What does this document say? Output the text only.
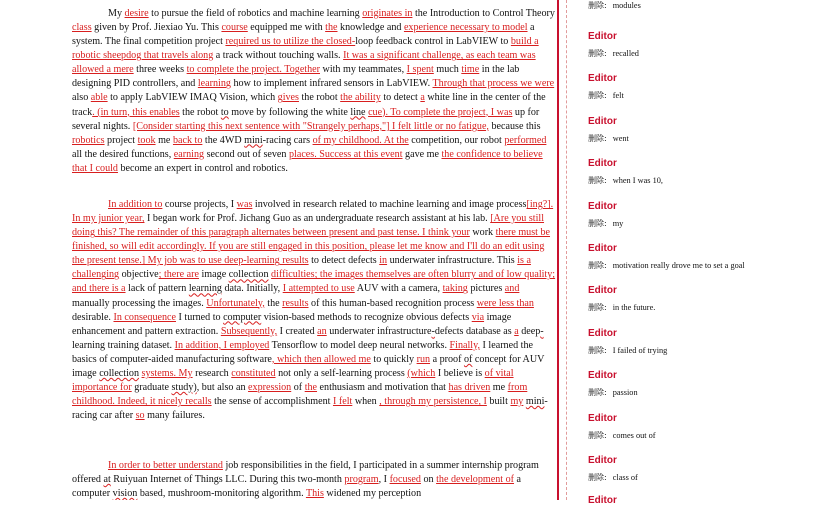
My desire to pursue the field of robotics and machine learning originates in the Introduction to Control Theory class given by Prof. Jiexiao Yu. This course equipped me with the knowledge and experience necessary to model a system. The final competition project required us to utilize the closed-loop feedback control in LabVIEW to build a robotic sheepdog that travels along a track without touching walls. It was a significant challenge, as each team was allowed a mere three weeks to complete the project. Together with my teammates, I spent much time in the lab designing PID controllers, and learning how to implement infrared sensors in LabVIEW. Through that process we were also able to apply LabVIEW IMAQ Vision, which gives the robot the ability to detect a white line in the center of the track. (in turn, this enables the robot to move by following the white line cue). To complete the project, I was up for several nights. [Consider starting this next sentence with "Strangely perhaps,"] I felt little or no fatigue, because this robotics project took me back to the 4WD mini-racing cars of my childhood. At the competition, our robot performed all the desired functions, earning second out of seven places. Success at this event gave me the confidence to believe that I could become an expert in control and robotics.
In addition to course projects, I was involved in research related to machine learning and image process[ing?]. In my junior year, I began work for Prof. Jichang Guo as an undergraduate research assistant at his lab. [Are you still doing this? The remainder of this paragraph alternates between present and past tense. I think your work there must be finished, so will edit accordingly. If you are still engaged in this position, please let me know and I'll do an edit using the present tense.] My job was to use deep-learning results to detect defects in underwater infrastructure. This is a challenging objective; there are image collection difficulties; the images themselves are often blurry and of low quality; and there is a lack of pattern learning data. Initially, I attempted to use AUV with a camera, taking pictures and manually processing the images. Unfortunately, the results of this human-based recognition process were less than desirable. In consequence I turned to computer vision-based methods to recognize obvious defects via image enhancement and pattern extraction. Subsequently, I created an underwater infrastructure-defects database as a deep-learning training dataset. In addition, I employed Tensorflow to model deep neural networks. Finally, I learned the basics of computer-aided manufacturing software, which then allowed me to quickly run a proof of concept for AUV image collection systems. My research constituted not only a self-learning process (which I believe is of vital importance for graduate study), but also an expression of the enthusiasm and motivation that has driven me from childhood. Indeed, it nicely recalls the sense of accomplishment I felt when , through my persistence, I built my mini-racing car after so many failures.
In order to better understand job responsibilities in the field, I participated in a summer internship program offered at Ruiyuan Internet of Things LLC. During this two-month program, I focused on the development of a computer vision based, mushroom-monitoring algorithm. This widened my perception
删除: modules
Editor
删除: recalled
Editor
删除: felt
Editor
删除: went
Editor
删除: when I was 10,
Editor
删除: my
Editor
删除: motivation really drove me to set a goal
Editor
删除: in the future.
Editor
删除: I failed of trying
Editor
删除: passion
Editor
删除: comes out of
Editor
删除: class of
Editor
